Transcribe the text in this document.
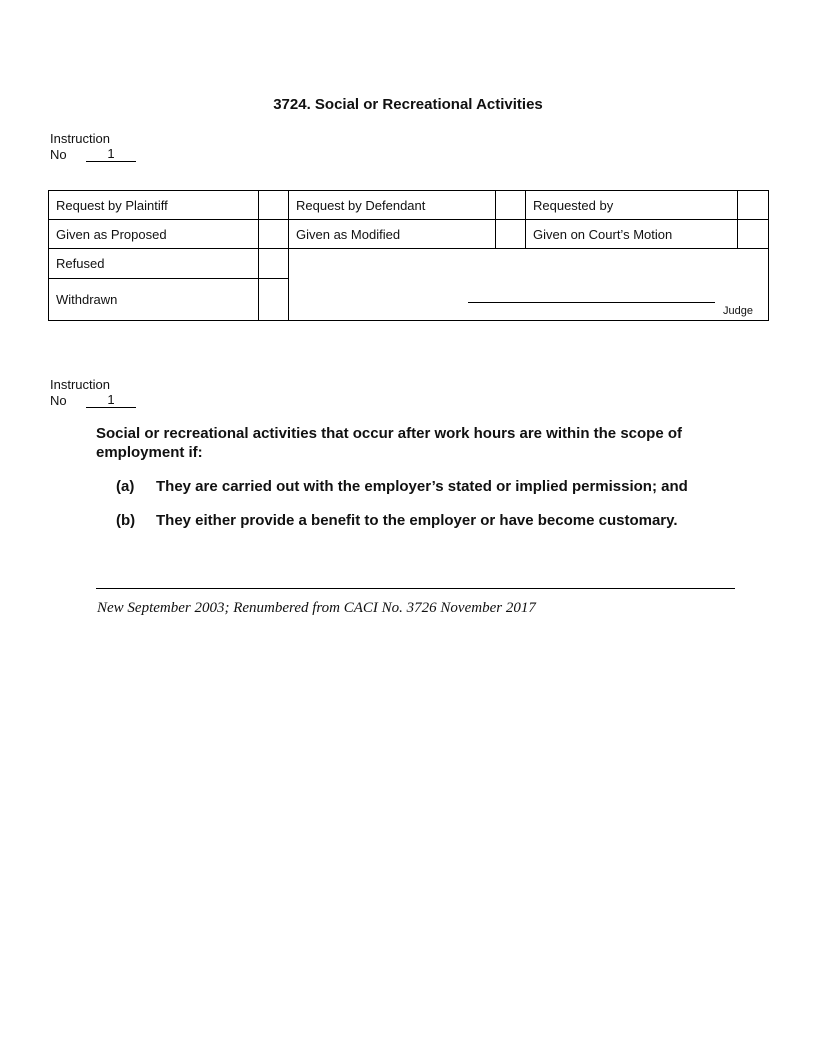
3724. Social or Recreational Activities
Instruction
No	1
Request by Plaintiff		Request by Defendant		Requested by	
Given as Proposed		Given as Modified		Given on Court’s Motion	
Refused		Judge			

Withdrawn					
Instruction
No	1
Social or recreational activities that occur after work hours are within the scope of employment if:
(a)	They are carried out with the employer’s stated or implied permission; and
(b)	They either provide a benefit to the employer or have become customary.
New September 2003; Renumbered from CACI No. 3726 November 2017
